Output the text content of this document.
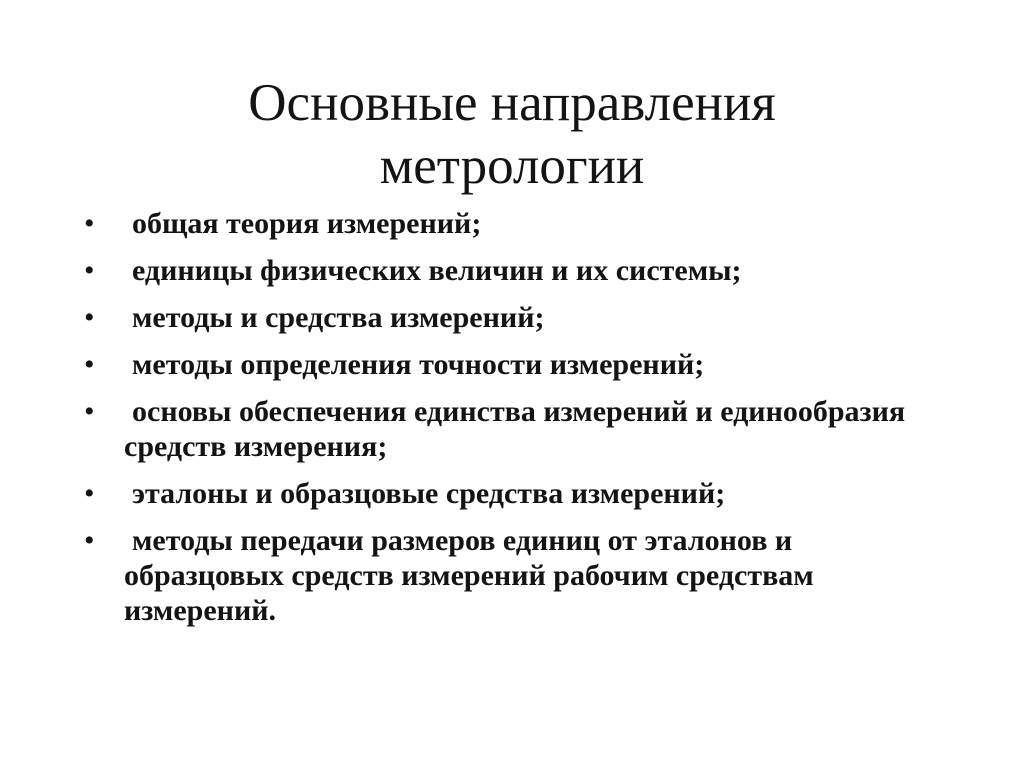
Основные направления метрологии
• общая теория измерений;
• единицы физических величин и их системы;
• методы и средства измерений;
• методы определения точности измерений;
• основы обеспечения единства измерений и единообразия средств измерения;
• эталоны и образцовые средства измерений;
• методы передачи размеров единиц от эталонов и образцовых средств измерений рабочим средствам измерений.
